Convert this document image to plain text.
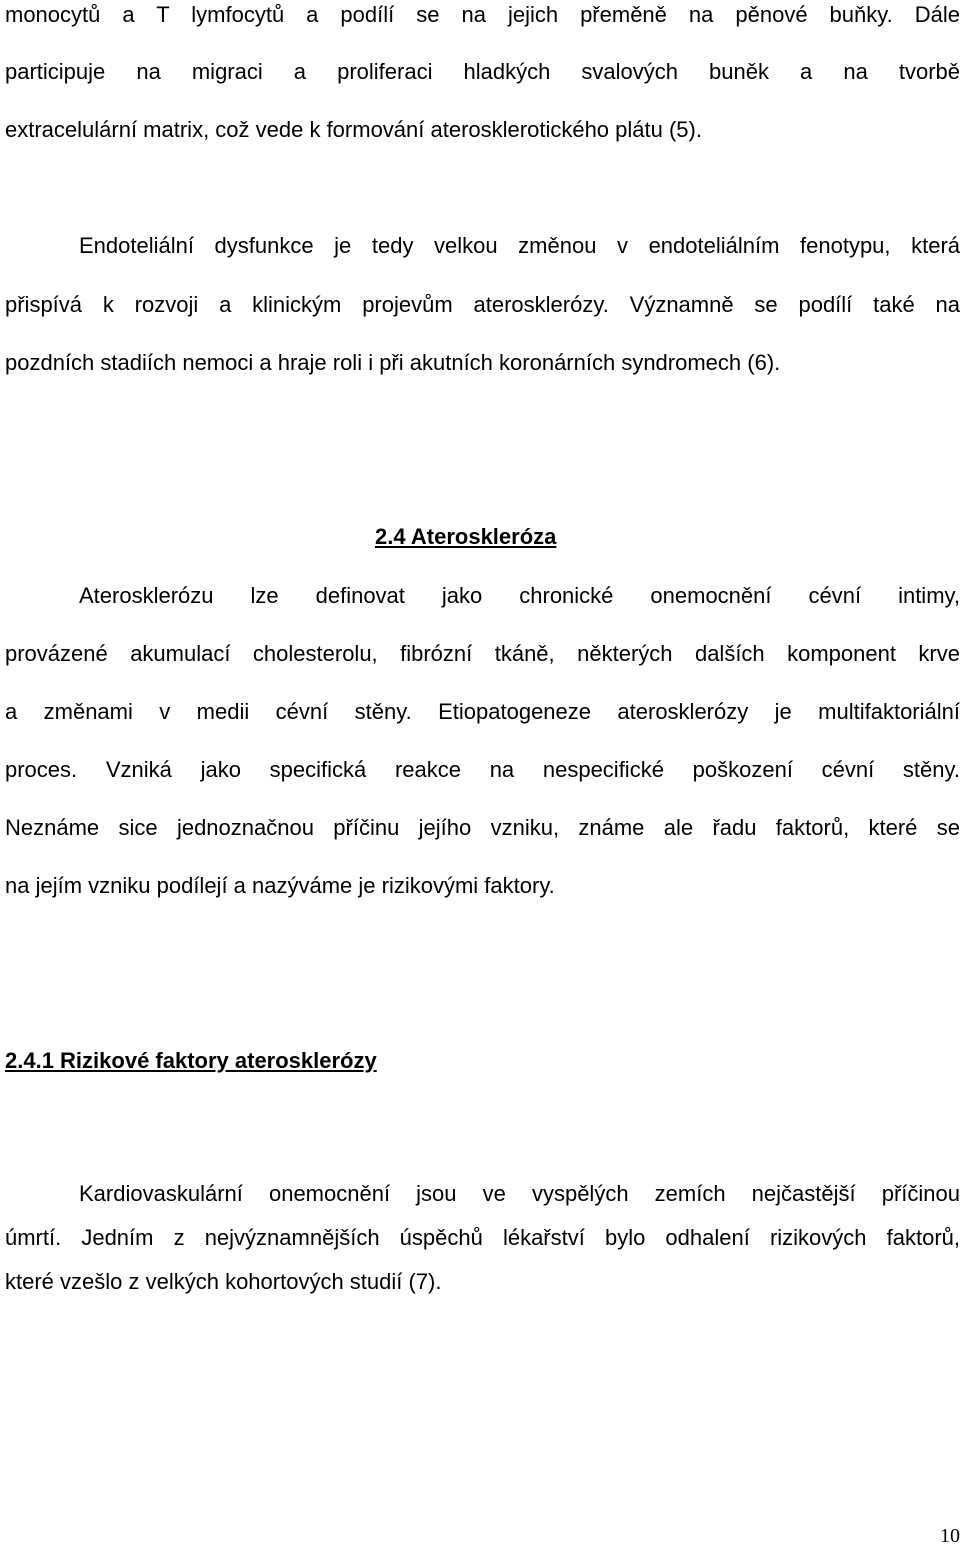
monocytů a T lymfocytů a podílí se na jejich přeměně na pěnové buňky. Dále
participuje na migraci a proliferaci hladkých svalových buněk a na tvorbě
extracelulární matrix, což vede k formování aterosklerotického plátu (5).
Endoteliální dysfunkce je tedy velkou změnou v endoteliálním fenotypu, která
přispívá k rozvoji a klinickým projevům aterosklerózy. Významně se podílí také na
pozdních stadiích nemoci a hraje roli i při akutních koronárních syndromech (6).
2.4 Ateroskleróza
Aterosklerózu lze definovat jako chronické onemocnění cévní intimy,
provázené akumulací cholesterolu, fibrózní tkáně, některých dalších komponent krve
a změnami v medii cévní stěny. Etiopatogeneze aterosklerózy je multifaktoriální
proces. Vzniká jako specifická reakce na nespecifické poškození cévní stěny.
Neznáme sice jednoznačnou příčinu jejího vzniku, známe ale řadu faktorů, které se
na jejím vzniku podílejí a nazýváme je rizikovými faktory.
2.4.1 Rizikové faktory aterosklerózy
Kardiovaskulární onemocnění jsou ve vyspělých zemích nejčastější příčinou
úmrtí. Jedním z nejvýznamnějších úspěchů lékařství bylo odhalení rizikových faktorů,
které vzešlo z velkých kohortových studií (7).
10
